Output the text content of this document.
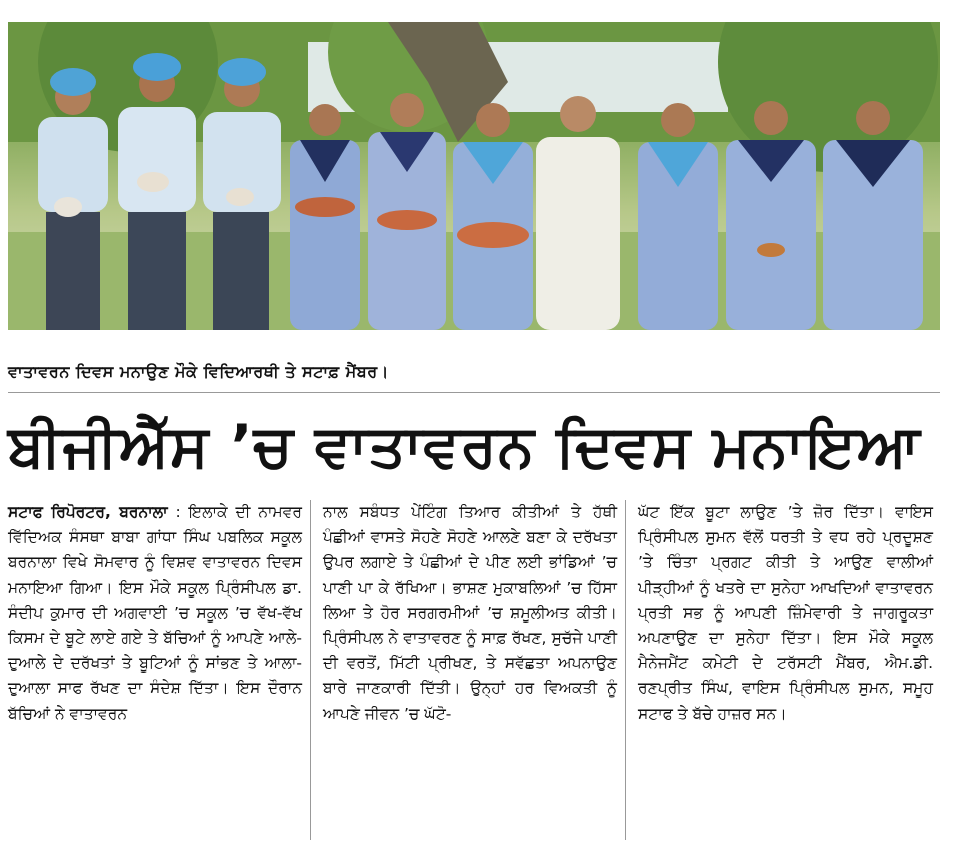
ਵਾਤਾਵਰਨ ਦਿਵਸ ਮਨਾਉਣ ਮੌਕੇ ਵਿਦਿਆਰਥੀ ਤੇ ਸਟਾਫ਼ ਮੈਂਬਰ।
ਬੀਜੀਐੱਸ ’ਚ ਵਾਤਾਵਰਨ ਦਿਵਸ ਮਨਾਇਆ
ਸਟਾਫ ਰਿਪੋਰਟਰ, ਬਰਨਾਲਾ : ਇਲਾਕੇ ਦੀ ਨਾਮਵਰ ਵਿੱਦਿਅਕ ਸੰਸਥਾ ਬਾਬਾ ਗਾਂਧਾ ਸਿੰਘ ਪਬਲਿਕ ਸਕੂਲ ਬਰਨਾਲਾ ਵਿਖੇ ਸੋਮਵਾਰ ਨੂੰ ਵਿਸ਼ਵ ਵਾਤਾਵਰਨ ਦਿਵਸ ਮਨਾਇਆ ਗਿਆ। ਇਸ ਮੌਕੇ ਸਕੂਲ ਪ੍ਰਿੰਸੀਪਲ ਡਾ. ਸੰਦੀਪ ਕੁਮਾਰ ਦੀ ਅਗਵਾਈ ’ਚ ਸਕੂਲ ’ਚ ਵੱਖ-ਵੱਖ ਕਿਸਮ ਦੇ ਬੂਟੇ ਲਾਏ ਗਏ ਤੇ ਬੱਚਿਆਂ ਨੂੰ ਆਪਣੇ ਆਲੇ-ਦੁਆਲੇ ਦੇ ਦਰੱਖਤਾਂ ਤੇ ਬੂਟਿਆਂ ਨੂੰ ਸਾਂਭਣ ਤੇ ਆਲਾ-ਦੁਆਲਾ ਸਾਫ ਰੱਖਣ ਦਾ ਸੰਦੇਸ਼ ਦਿੱਤਾ। ਇਸ ਦੌਰਾਨ ਬੱਚਿਆਂ ਨੇ ਵਾਤਾਵਰਨ
ਨਾਲ ਸਬੰਧਤ ਪੇਂਟਿੰਗ ਤਿਆਰ ਕੀਤੀਆਂ ਤੇ ਹੱਥੀ ਪੰਛੀਆਂ ਵਾਸਤੇ ਸੋਹਣੇ ਸੋਹਣੇ ਆਲਣੇ ਬਣਾ ਕੇ ਦਰੱਖਤਾ ਉਪਰ ਲਗਾਏ ਤੇ ਪੰਛੀਆਂ ਦੇ ਪੀਣ ਲਈ ਭਾਂਡਿਆਂ ’ਚ ਪਾਣੀ ਪਾ ਕੇ ਰੱਖਿਆ। ਭਾਸ਼ਣ ਮੁਕਾਬਲਿਆਂ ’ਚ ਹਿੱਸਾ ਲਿਆ ਤੇ ਹੋਰ ਸਰਗਰਮੀਆਂ ’ਚ ਸ਼ਮੂਲੀਅਤ ਕੀਤੀ। ਪ੍ਰਿੰਸੀਪਲ ਨੇ ਵਾਤਾਵਰਣ ਨੂੰ ਸਾਫ਼ ਰੱਖਣ, ਸੁਚੱਜੇ ਪਾਣੀ ਦੀ ਵਰਤੋਂ, ਮਿੱਟੀ ਪ੍ਰੀਖਣ, ਤੇ ਸਵੱਛਤਾ ਅਪਨਾਉਣ ਬਾਰੇ ਜਾਣਕਾਰੀ ਦਿੱਤੀ। ਉਨ੍ਹਾਂ ਹਰ ਵਿਅਕਤੀ ਨੂੰ ਆਪਣੇ ਜੀਵਨ ’ਚ ਘੱਟੋ-
ਘੱਟ ਇੱਕ ਬੂਟਾ ਲਾਉਣ ’ਤੇ ਜ਼ੋਰ ਦਿੱਤਾ। ਵਾਇਸ ਪ੍ਰਿੰਸੀਪਲ ਸੁਮਨ ਵੱਲੋਂ ਧਰਤੀ ਤੇ ਵਧ ਰਹੇ ਪ੍ਰਦੂਸ਼ਣ ’ਤੇ ਚਿੰਤਾ ਪ੍ਰਗਟ ਕੀਤੀ ਤੇ ਆਉਣ ਵਾਲੀਆਂ ਪੀੜ੍ਹੀਆਂ ਨੂੰ ਖਤਰੇ ਦਾ ਸੁਨੇਹਾ ਆਖਦਿਆਂ ਵਾਤਾਵਰਨ ਪ੍ਰਤੀ ਸਭ ਨੂੰ ਆਪਣੀ ਜ਼ਿੰਮੇਵਾਰੀ ਤੇ ਜਾਗਰੂਕਤਾ ਅਪਣਾਉਣ ਦਾ ਸੁਨੇਹਾ ਦਿੱਤਾ। ਇਸ ਮੌਕੇ ਸਕੂਲ ਮੈਨੇਜਮੈਂਟ ਕਮੇਟੀ ਦੇ ਟਰੱਸਟੀ ਮੈਂਬਰ, ਐਮ.ਡੀ. ਰਣਪ੍ਰੀਤ ਸਿੰਘ, ਵਾਇਸ ਪ੍ਰਿੰਸੀਪਲ ਸੁਮਨ, ਸਮੂਹ ਸਟਾਫ ਤੇ ਬੱਚੇ ਹਾਜ਼ਰ ਸਨ।
